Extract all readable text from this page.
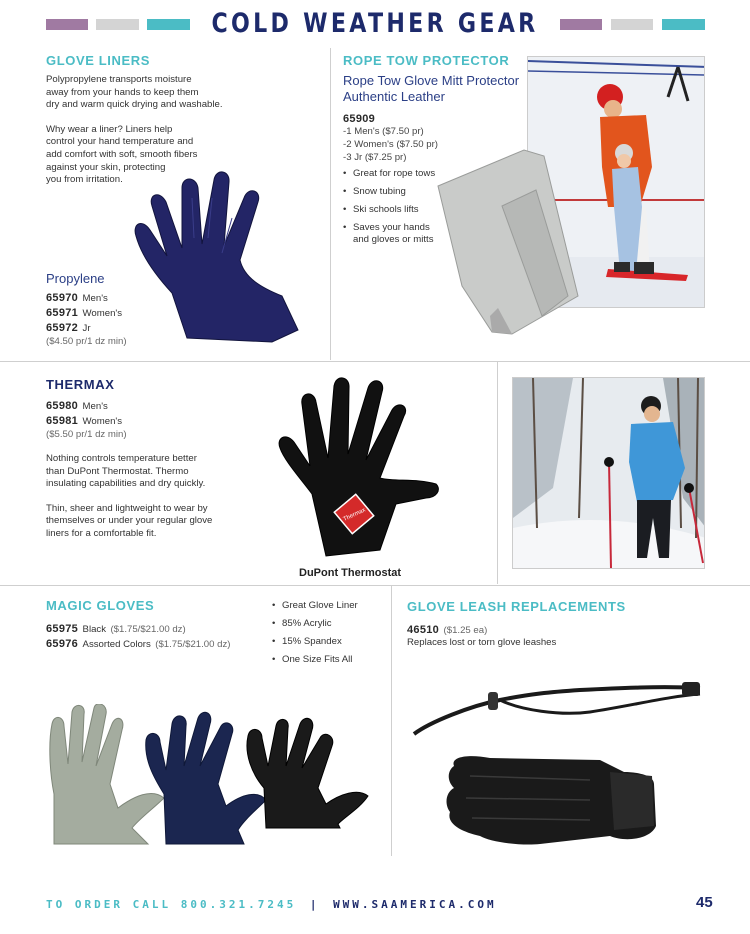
COLD WEATHER GEAR
GLOVE LINERS
Polypropylene transports moisture
away from your hands to keep them
dry and warm quick drying and washable.
Why wear a liner? Liners help
control your hand temperature and
add comfort with soft, smooth fibers
against your skin, protecting
you from irritation.
Propylene
65970 Men's
65971 Women's
65972 Jr
($4.50 pr/1 dz min)
ROPE TOW PROTECTOR
Rope Tow Glove Mitt Protector
Authentic Leather
65909
-1 Men's ($7.50 pr)
-2 Women's ($7.50 pr)
-3 Jr ($7.25 pr)
• Great for rope tows
• Snow tubing
• Ski schools lifts
• Saves your hands
and gloves or mitts
THERMAX
65980 Men's
65981 Women's
($5.50 pr/1 dz min)
Nothing controls temperature better
than DuPont Thermostat. Thermo
insulating capabilities and dry quickly.
Thin, sheer and lightweight to wear by
themselves or under your regular glove
liners for a comfortable fit.
Thermax
DuPont Thermostat
MAGIC GLOVES
65975 Black ($1.75/$21.00 dz)
65976 Assorted Colors ($1.75/$21.00 dz)
• Great Glove Liner
• 85% Acrylic
• 15% Spandex
• One Size Fits All
GLOVE LEASH REPLACEMENTS
46510 ($1.25 ea)
Replaces lost or torn glove leashes
TO ORDER CALL 800.321.7245 | WWW.SAAMERICA.COM	45
